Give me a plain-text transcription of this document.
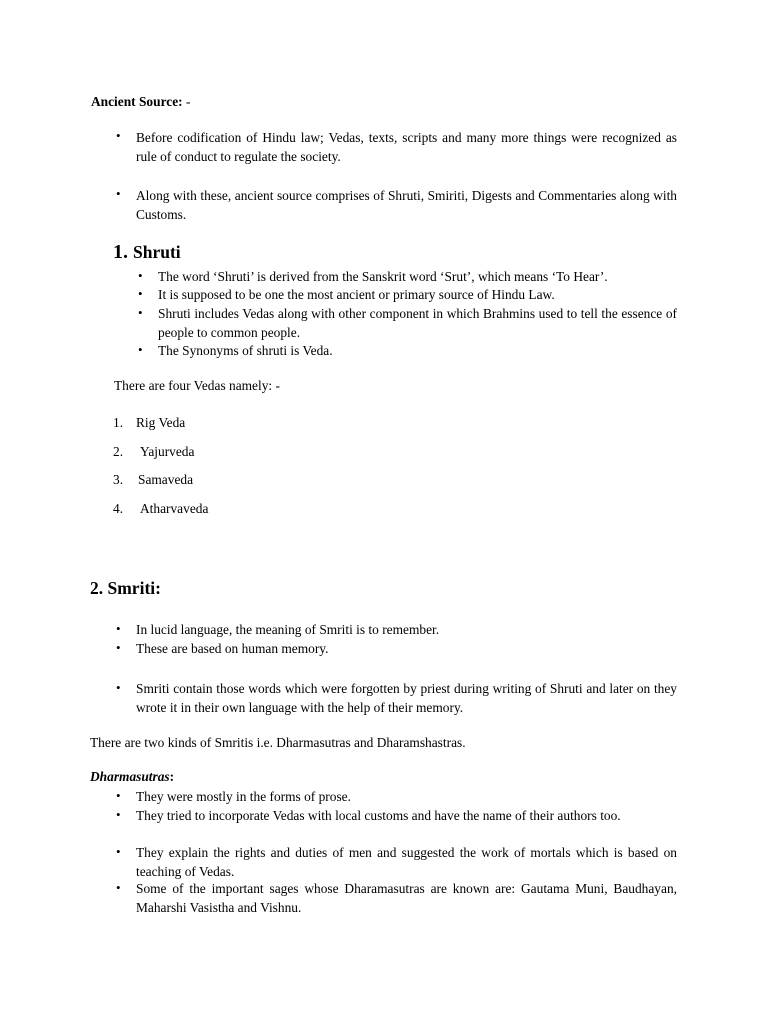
Ancient Source: -
• Before codification of Hindu law; Vedas, texts, scripts and many more things were recognized as rule of conduct to regulate the society.
• Along with these, ancient source comprises of Shruti, Smiriti, Digests and Commentaries along with Customs.
1. Shruti
• The word ‘Shruti’ is derived from the Sanskrit word ‘Srut’, which means ‘To Hear’.
• It is supposed to be one the most ancient or primary source of Hindu Law.
• Shruti includes Vedas along with other component in which Brahmins used to tell the essence of people to common people.
• The Synonyms of shruti is Veda.
There are four Vedas namely: -
1. Rig Veda
2. Yajurveda
3. Samaveda
4. Atharvaveda
2. Smriti:
• In lucid language, the meaning of Smriti is to remember.
• These are based on human memory.
• Smriti contain those words which were forgotten by priest during writing of Shruti and later on they wrote it in their own language with the help of their memory.
There are two kinds of Smritis i.e. Dharmasutras and Dharamshastras.
Dharmasutras:
• They were mostly in the forms of prose.
• They tried to incorporate Vedas with local customs and have the name of their authors too.
• They explain the rights and duties of men and suggested the work of mortals which is based on teaching of Vedas.
• Some of the important sages whose Dharamasutras are known are: Gautama Muni, Baudhayan, Maharshi Vasistha and Vishnu.
